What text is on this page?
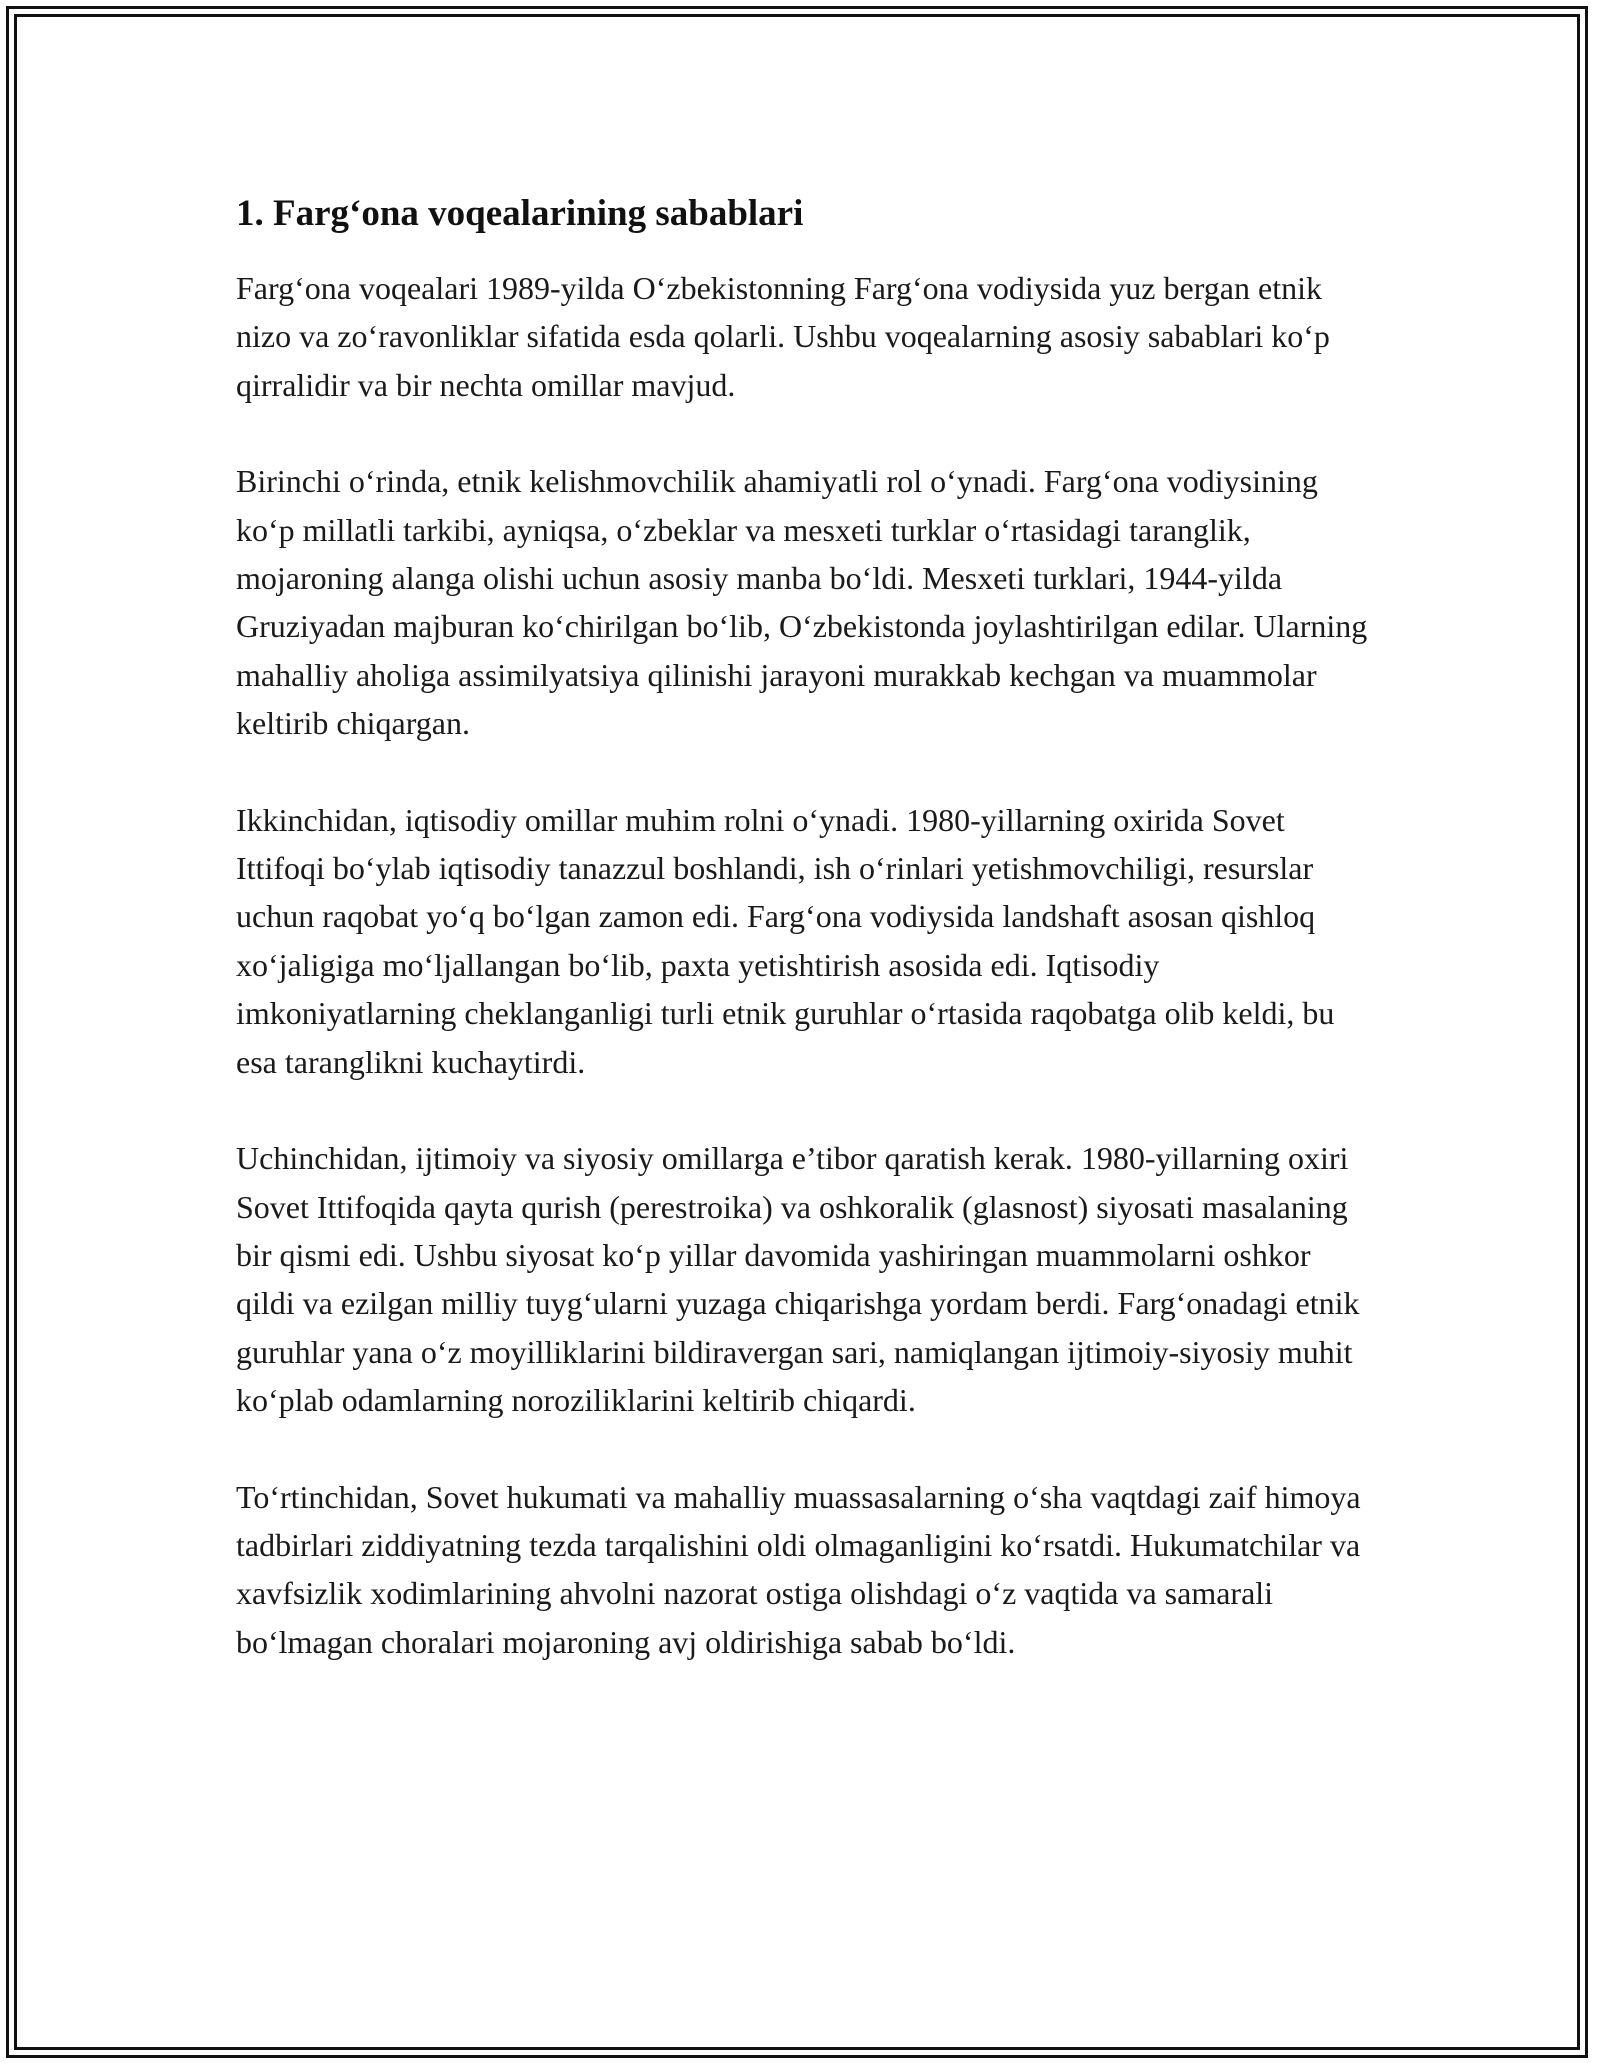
1. Farg‘ona voqealarining sabablari

Farg‘ona voqealari 1989-yilda O‘zbekistonning Farg‘ona vodiysida yuz bergan etnik nizo va zo‘ravonliklar sifatida esda qolarli. Ushbu voqealarning asosiy sabablari ko‘p qirralidir va bir nechta omillar mavjud.

Birinchi o‘rinda, etnik kelishmovchilik ahamiyatli rol o‘ynadi. Farg‘ona vodiysining ko‘p millatli tarkibi, ayniqsa, o‘zbeklar va mesxeti turklar o‘rtasidagi taranglik, mojaroning alanga olishi uchun asosiy manba bo‘ldi. Mesxeti turklari, 1944-yilda Gruziyadan majburan ko‘chirilgan bo‘lib, O‘zbekistonda joylashtirilgan edilar. Ularning mahalliy aholiga assimilyatsiya qilinishi jarayoni murakkab kechgan va muammolar keltirib chiqargan.

Ikkinchidan, iqtisodiy omillar muhim rolni o‘ynadi. 1980-yillarning oxirida Sovet Ittifoqi bo‘ylab iqtisodiy tanazzul boshlandi, ish o‘rinlari yetishmovchiligi, resurslar uchun raqobat yo‘q bo‘lgan zamon edi. Farg‘ona vodiysida landshaft asosan qishloq xo‘jaligiga mo‘ljallangan bo‘lib, paxta yetishtirish asosida edi. Iqtisodiy imkoniyatlarning cheklanganligi turli etnik guruhlar o‘rtasida raqobatga olib keldi, bu esa taranglikni kuchaytirdi.

Uchinchidan, ijtimoiy va siyosiy omillarga e’tibor qaratish kerak. 1980-yillarning oxiri Sovet Ittifoqida qayta qurish (perestroika) va oshkoralik (glasnost) siyosati masalaning bir qismi edi. Ushbu siyosat ko‘p yillar davomida yashiringan muammolarni oshkor qildi va ezilgan milliy tuyg‘ularni yuzaga chiqarishga yordam berdi. Farg‘onadagi etnik guruhlar yana o‘z moyilliklarini bildiravergan sari, namiqlangan ijtimoiy-siyosiy muhit ko‘plab odamlarning noroziliklarini keltirib chiqardi.

To‘rtinchidan, Sovet hukumati va mahalliy muassasalarning o‘sha vaqtdagi zaif himoya tadbirlari ziddiyatning tezda tarqalishini oldi olmaganligini ko‘rsatdi. Hukumatchilar va xavfsizlik xodimlarining ahvolni nazorat ostiga olishdagi o‘z vaqtida va samarali bo‘lmagan choralari mojaroning avj oldirishiga sabab bo‘ldi.
